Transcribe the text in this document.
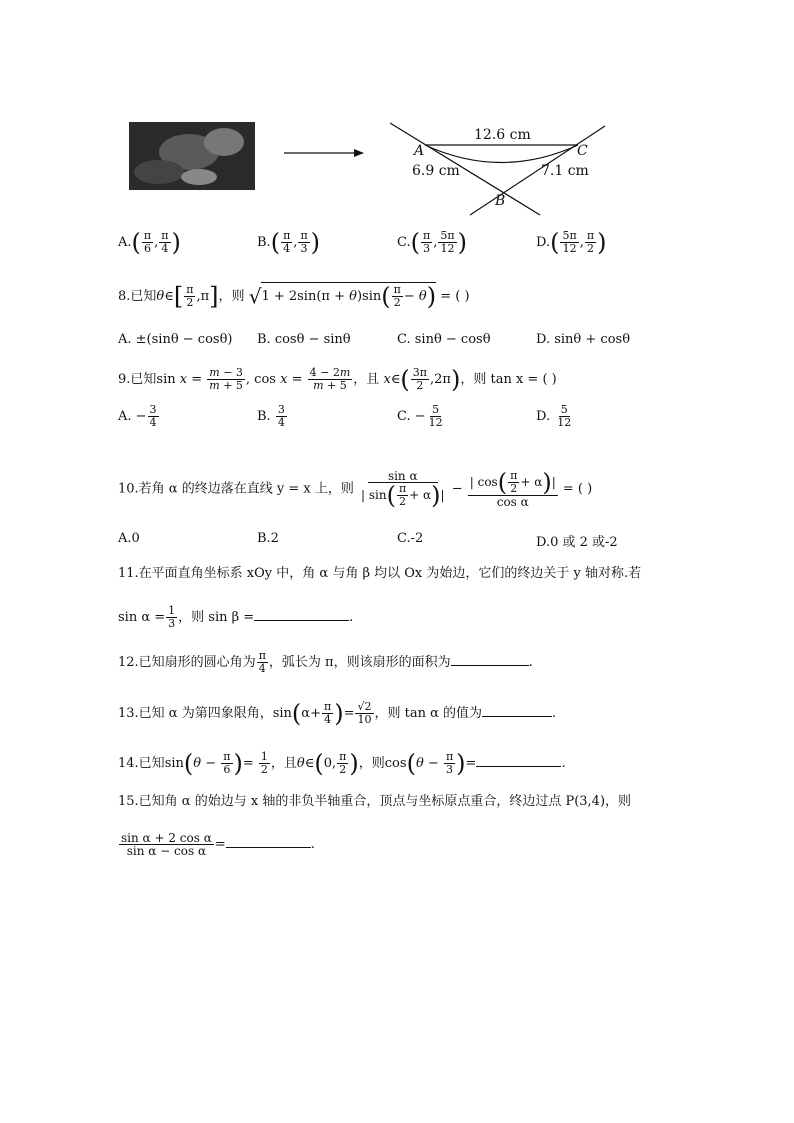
12.6 cm
A	C
6.9 cm	7.1 cm
B
$A.( \frac{\pi}{6}$ , $\frac{\pi}{4}$ )	$B.( \frac{\pi}{4}$ , $\frac{\pi}{3}$ )	$C.( \frac{\pi}{3}$ , $\frac{5\pi}{12}$ )	$D.( \frac{5\pi}{12}$ , $\frac{\pi}{2}$ )
8.已知θ∈[ $\frac{\pi}{2} ,\pi$]，则 $√1 + 2\sin(\pi + \theta)\sin( \frac{\pi}{2} - \theta)$ = ( )
A. ±(sinθ − cosθ) B. cosθ − sinθ	C. sinθ − cosθ	D. sinθ + cosθ
9.已知$\sin x = \frac{m - 3}{m + 5}$ , $\cos x = \frac{4 - 2m}{m + 5}$ ，且 x∈( $\frac{3\pi}{2} ,2\pi$)，则 tan x = ( )
A. − $\frac{3}{4}$	B. $\frac{3}{4}$	C. − $\frac{5}{12}$	D. $\frac{5}{12}$
10.若角 α 的终边落在直线 y = x 上，则 $\frac{\text{sin α}}{| \sin( \frac{\pi}{2} + \alpha)|} - \frac{| \cos( \frac{\pi}{2} + \alpha)|}{\text{cos α}}$ = ( )
A.0	B.2	C.-2	D.0 或 2 或-2
11.在平面直角坐标系 xOy 中，角 α 与角 β 均以 Ox 为始边，它们的终边关于 y 轴对称.若
$\sin \alpha = \frac{1}{3}$ ，则 sin β =	.
12.已知扇形的圆心角为 $\frac{\pi}{4}$ ，弧长为 π，则该扇形的面积为	.
13.已知 α 为第四象限角，$\sin(\alpha+ \frac{\pi}{4}$ )= $\frac{√2}{10}$ ，则 tan α 的值为	.
14.已知$\sin(\theta - \frac{\pi}{6}$ )= $\frac{1}{2}$ ，且θ∈(0, $\frac{\pi}{2}$ )，则$\cos(\theta - \frac{\pi}{3}$ )=	.
15.已知角 α 的始边与 x 轴的非负半轴重合，顶点与坐标原点重合，终边过点 P(3,4)，则
$\frac{\text{sin α + 2 cos α}}{\text{sin α − cos α}}$ =	.
